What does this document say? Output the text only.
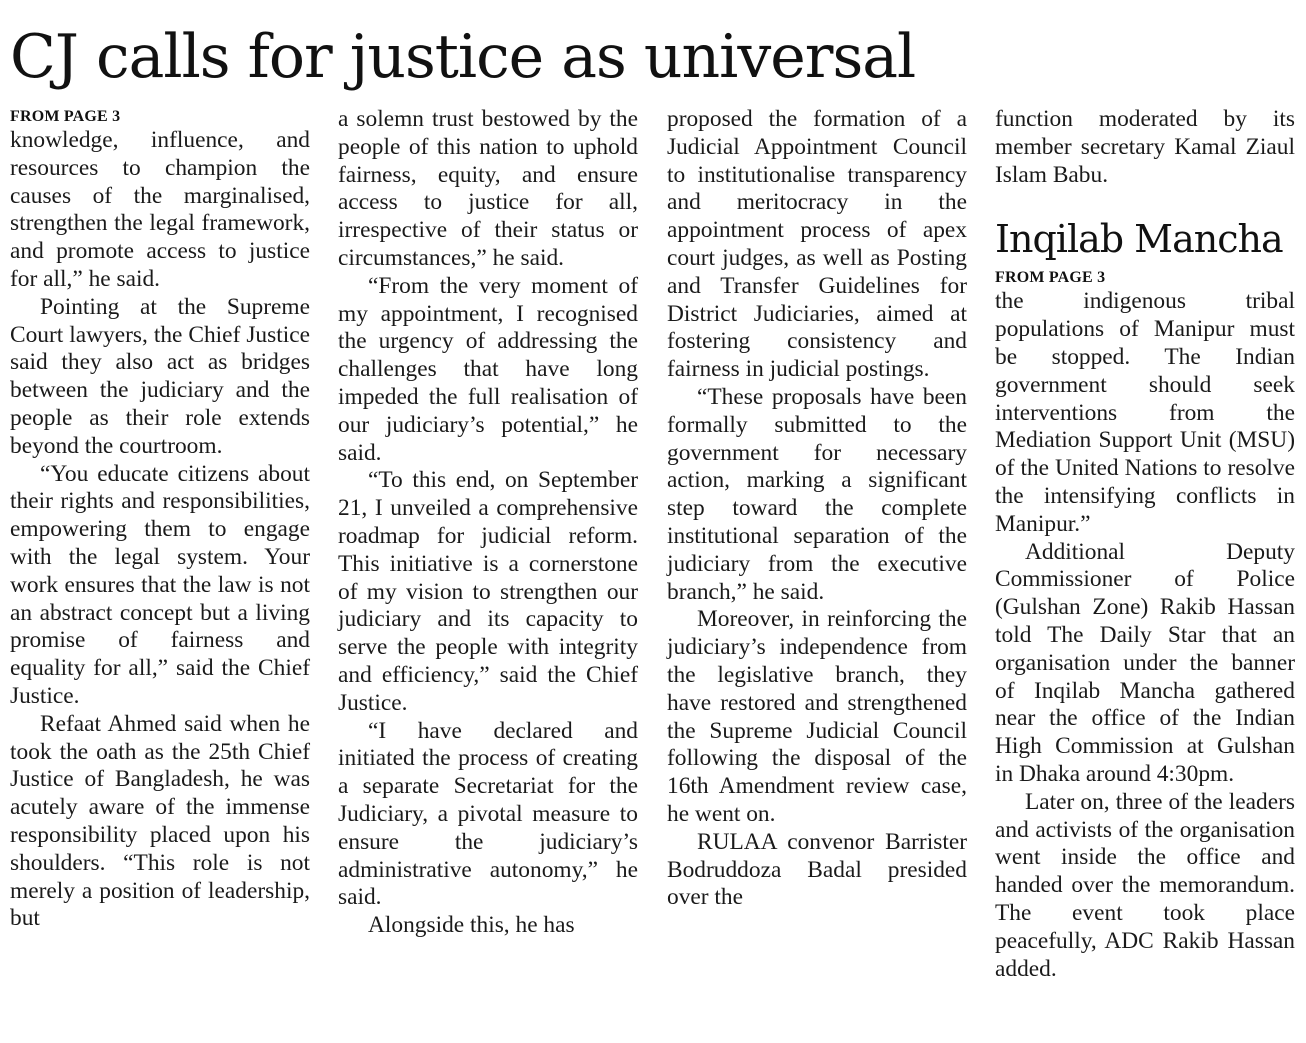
CJ calls for justice as universal
FROM PAGE 3

knowledge, influence, and resources to champion the causes of the marginalised, strengthen the legal framework, and promote access to justice for all,” he said.

Pointing at the Supreme Court lawyers, the Chief Justice said they also act as bridges between the judiciary and the people as their role extends beyond the courtroom.

“You educate citizens about their rights and responsibilities, empowering them to engage with the legal system. Your work ensures that the law is not an abstract concept but a living promise of fairness and equality for all,” said the Chief Justice.

Refaat Ahmed said when he took the oath as the 25th Chief Justice of Bangladesh, he was acutely aware of the immense responsibility placed upon his shoulders. “This role is not merely a position of leadership, but

a solemn trust bestowed by the people of this nation to uphold fairness, equity, and ensure access to justice for all, irrespective of their status or circumstances,” he said.

“From the very moment of my appointment, I recognised the urgency of addressing the challenges that have long impeded the full realisation of our judiciary’s potential,” he said.

“To this end, on September 21, I unveiled a comprehensive roadmap for judicial reform. This initiative is a cornerstone of my vision to strengthen our judiciary and its capacity to serve the people with integrity and efficiency,” said the Chief Justice.

“I have declared and initiated the process of creating a separate Secretariat for the Judiciary, a pivotal measure to ensure the judiciary’s administrative autonomy,” he said.

Alongside this, he has

proposed the formation of a Judicial Appointment Council to institutionalise transparency and meritocracy in the appointment process of apex court judges, as well as Posting and Transfer Guidelines for District Judiciaries, aimed at fostering consistency and fairness in judicial postings.

“These proposals have been formally submitted to the government for necessary action, marking a significant step toward the complete institutional separation of the judiciary from the executive branch,” he said.

Moreover, in reinforcing the judiciary’s independence from the legislative branch, they have restored and strengthened the Supreme Judicial Council following the disposal of the 16th Amendment review case, he went on.

RULAA convenor Barrister Bodruddoza Badal presided over the

function moderated by its member secretary Kamal Ziaul Islam Babu.

Inqilab Mancha
FROM PAGE 3

the indigenous tribal populations of Manipur must be stopped. The Indian government should seek interventions from the Mediation Support Unit (MSU) of the United Nations to resolve the intensifying conflicts in Manipur.”

Additional Deputy Commissioner of Police (Gulshan Zone) Rakib Hassan told The Daily Star that an organisation under the banner of Inqilab Mancha gathered near the office of the Indian High Commission at Gulshan in Dhaka around 4:30pm.

Later on, three of the leaders and activists of the organisation went inside the office and handed over the memorandum. The event took place peacefully, ADC Rakib Hassan added.
